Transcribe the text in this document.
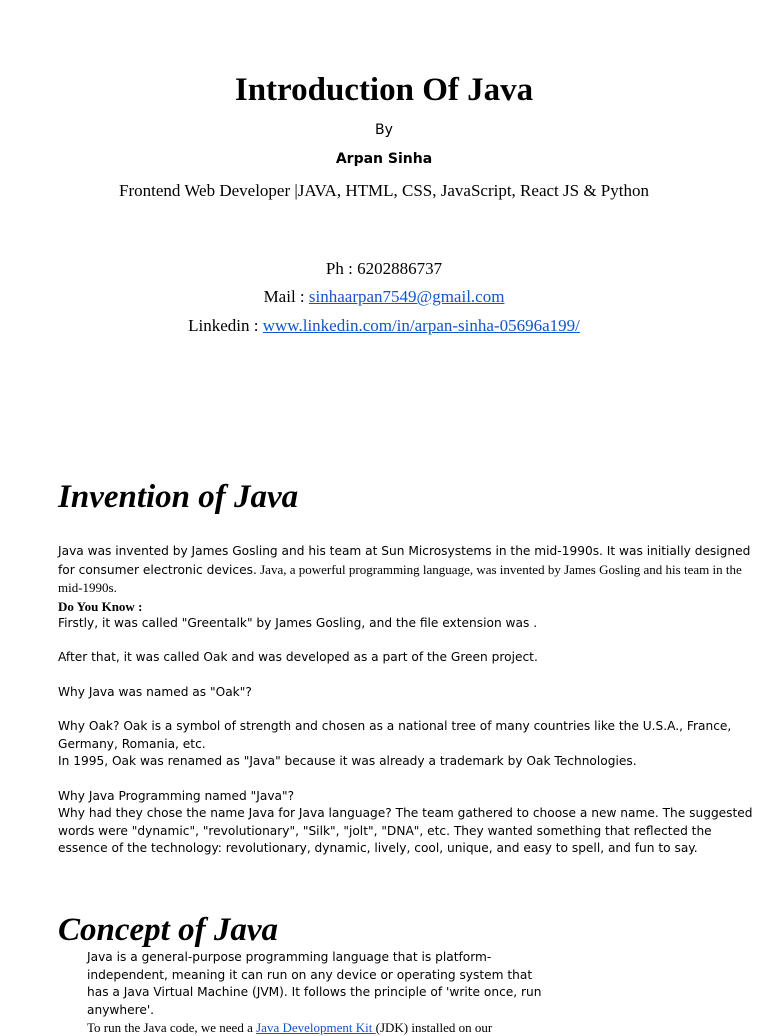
Introduction Of Java
By
Arpan Sinha
Frontend Web Developer |JAVA, HTML, CSS, JavaScript, React JS & Python
Ph : 6202886737
Mail : sinhaarpan7549@gmail.com
Linkedin : www.linkedin.com/in/arpan-sinha-05696a199/
Invention of Java

Java was invented by James Gosling and his team at Sun Microsystems in the mid-1990s. It was initially designed for consumer electronic devices. Java, a powerful programming language, was invented by James Gosling and his team in the mid-1990s.

Do You Know :

Firstly, it was called "Greentalk" by James Gosling, and the file extension was .

After that, it was called Oak and was developed as a part of the Green project.

Why Java was named as "Oak"?

Why Oak? Oak is a symbol of strength and chosen as a national tree of many countries like the U.S.A., France, Germany, Romania, etc.

In 1995, Oak was renamed as "Java" because it was already a trademark by Oak Technologies.

Why Java Programming named "Java"?

Why had they chose the name Java for Java language? The team gathered to choose a new name. The suggested words were "dynamic", "revolutionary", "Silk", "jolt", "DNA", etc. They wanted something that reflected the essence of the technology: revolutionary, dynamic, lively, cool, unique, and easy to spell, and fun to say.

Concept of Java

Java is a general-purpose programming language that is platform-independent, meaning it can run on any device or operating system that has a Java Virtual Machine (JVM). It follows the principle of 'write once, run anywhere'.

To run the Java code, we need a Java Development Kit (JDK) installed on our
